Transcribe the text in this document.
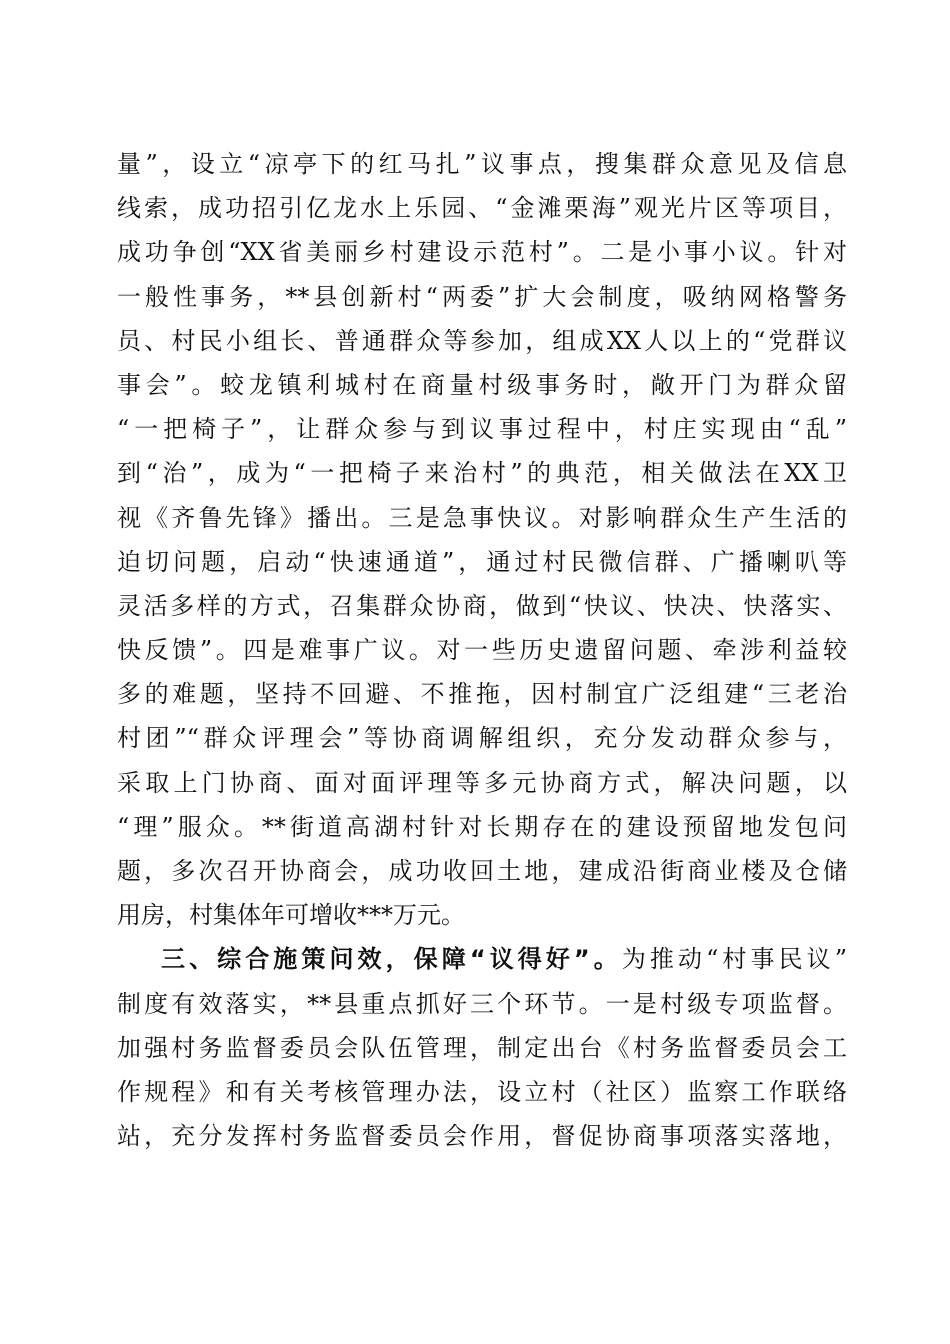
量”，设立“凉亭下的红马扎”议事点，搜集群众意见及信息
线索，成功招引亿龙水上乐园、“金滩栗海”观光片区等项目，
成功争创“XX省美丽乡村建设示范村”。二是小事小议。针对
一般性事务，**县创新村“两委”扩大会制度，吸纳网格警务
员、村民小组长、普通群众等参加，组成XX人以上的“党群议
事会”。蛟龙镇利城村在商量村级事务时，敞开门为群众留
“一把椅子”，让群众参与到议事过程中，村庄实现由“乱”
到“治”，成为“一把椅子来治村”的典范，相关做法在XX卫
视《齐鲁先锋》播出。三是急事快议。对影响群众生产生活的
迫切问题，启动“快速通道”，通过村民微信群、广播喇叭等
灵活多样的方式，召集群众协商，做到“快议、快决、快落实、
快反馈”。四是难事广议。对一些历史遗留问题、牵涉利益较
多的难题，坚持不回避、不推拖，因村制宜广泛组建“三老治
村团”“群众评理会”等协商调解组织，充分发动群众参与，
采取上门协商、面对面评理等多元协商方式，解决问题，以
“理”服众。**街道高湖村针对长期存在的建设预留地发包问
题，多次召开协商会，成功收回土地，建成沿街商业楼及仓储
用房，村集体年可增收***万元。
三、综合施策问效，保障“议得好”。为推动“村事民议”
制度有效落实，**县重点抓好三个环节。一是村级专项监督。
加强村务监督委员会队伍管理，制定出台《村务监督委员会工
作规程》和有关考核管理办法，设立村（社区）监察工作联络
站，充分发挥村务监督委员会作用，督促协商事项落实落地，
